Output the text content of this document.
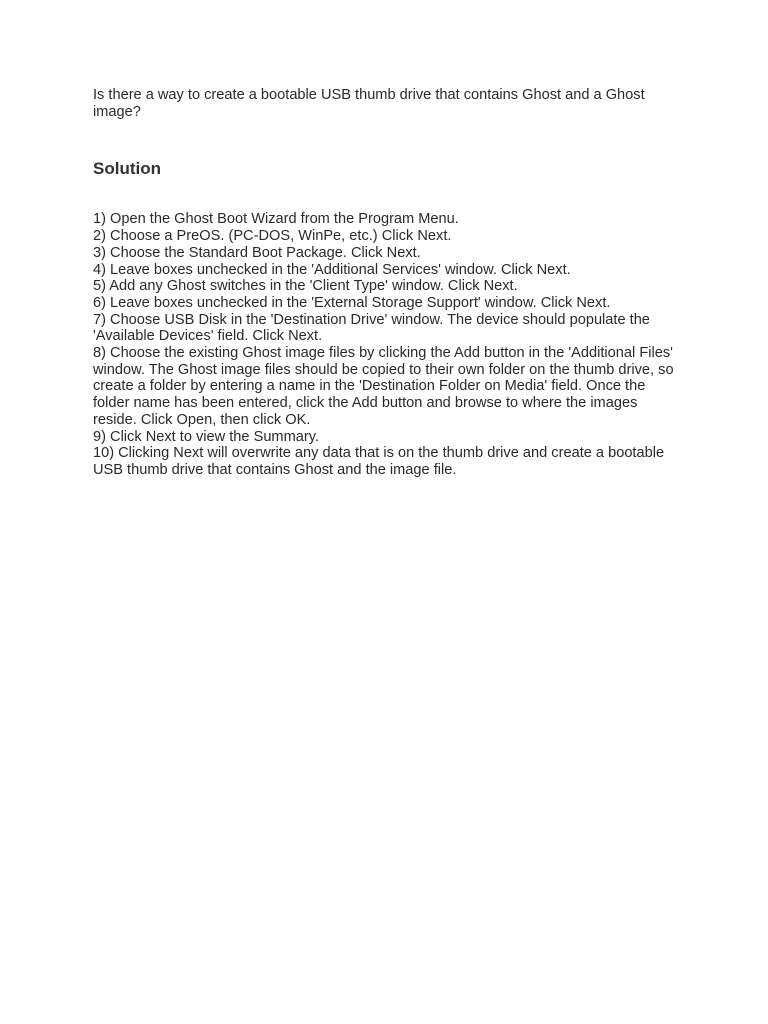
Is there a way to create a bootable USB thumb drive that contains Ghost and a Ghost image?

Solution
1) Open the Ghost Boot Wizard from the Program Menu.
2) Choose a PreOS. (PC-DOS, WinPe, etc.) Click Next.
3) Choose the Standard Boot Package. Click Next.
4) Leave boxes unchecked in the 'Additional Services' window. Click Next.
5) Add any Ghost switches in the 'Client Type' window. Click Next.
6) Leave boxes unchecked in the 'External Storage Support' window. Click Next.
7) Choose USB Disk in the 'Destination Drive' window. The device should populate the 'Available Devices' field. Click Next.
8) Choose the existing Ghost image files by clicking the Add button in the 'Additional Files' window. The Ghost image files should be copied to their own folder on the thumb drive, so create a folder by entering a name in the 'Destination Folder on Media' field. Once the folder name has been entered, click the Add button and browse to where the images reside. Click Open, then click OK.
9) Click Next to view the Summary.
10) Clicking Next will overwrite any data that is on the thumb drive and create a bootable USB thumb drive that contains Ghost and the image file.
